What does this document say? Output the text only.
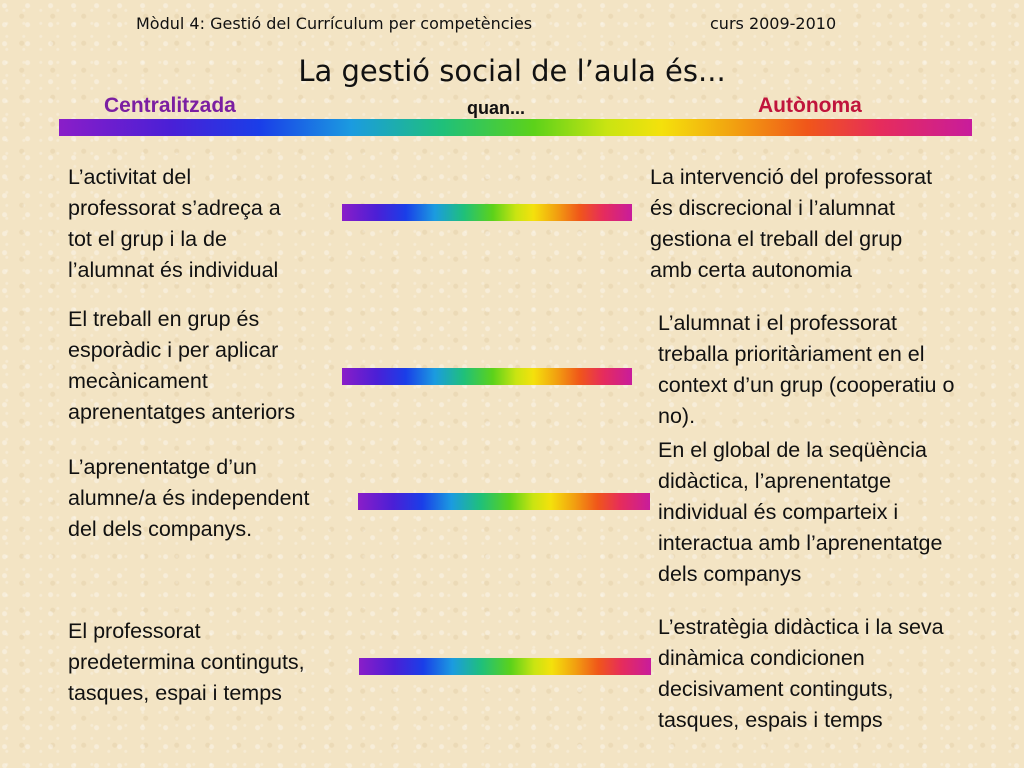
Mòdul 4: Gestió del Currículum per competències	curs 2009-2010
La gestió social de l’aula és...
Centralitzada	quan...	Autònoma
L’activitat del
professorat s’adreça a
tot el grup i la de
l’alumnat és individual
La intervenció del professorat
és discrecional i l’alumnat
gestiona el treball del grup
amb certa autonomia
El treball en grup és
esporàdic i per aplicar
mecànicament
aprenentatges anteriors
L’alumnat i el professorat
treballa prioritàriament en el
context d’un grup (cooperatiu o
no).
L’aprenentatge d’un
alumne/a és independent
del dels companys.
En el global de la seqüència
didàctica, l’aprenentatge
individual és comparteix i
interactua amb l’aprenentatge
dels companys
El professorat
predetermina continguts,
tasques, espai i temps
L’estratègia didàctica i la seva
dinàmica condicionen
decisivament continguts,
tasques, espais i temps
